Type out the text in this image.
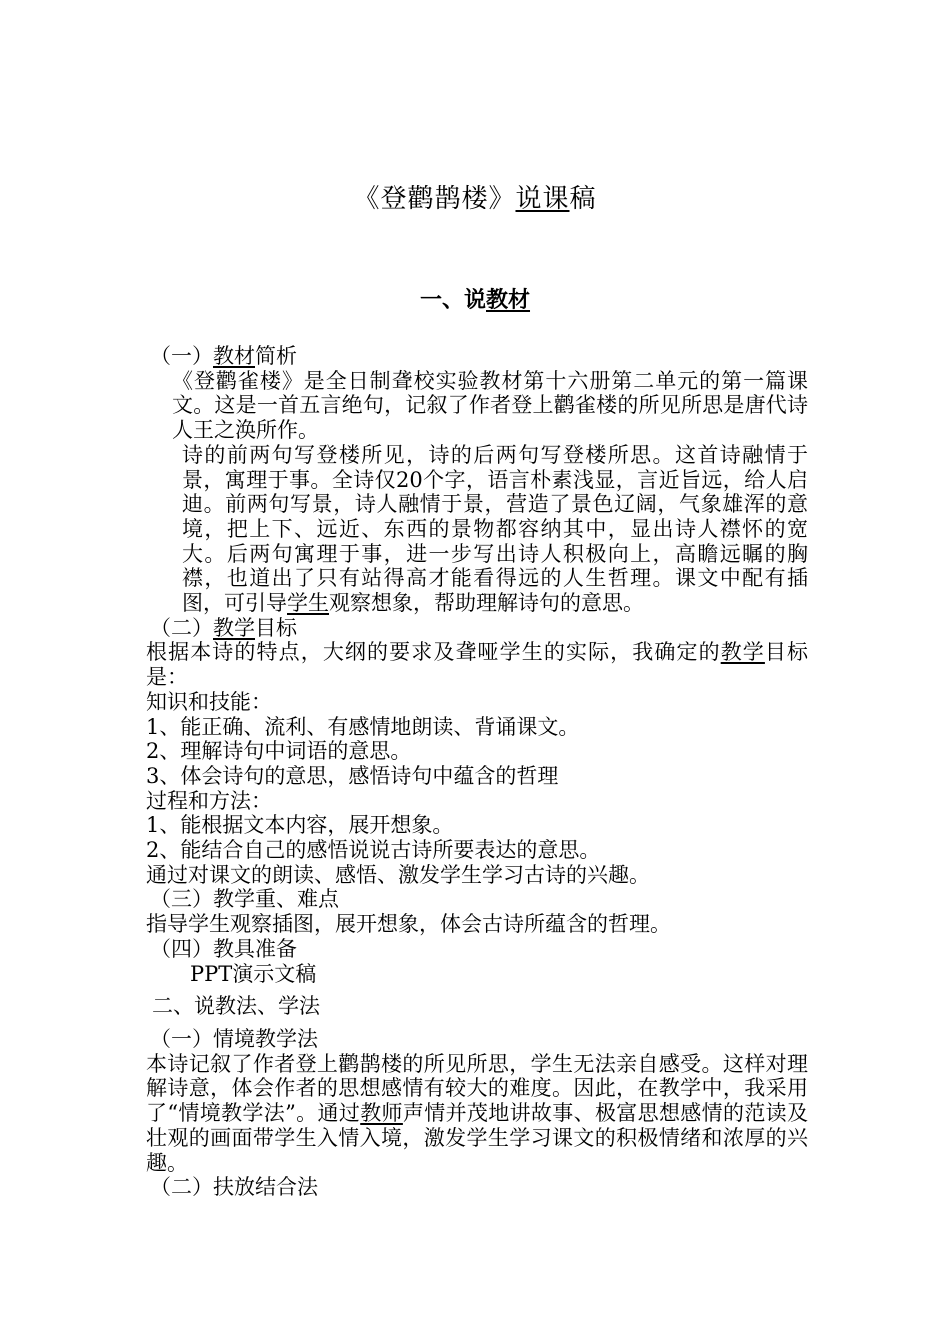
《登鹳鹊楼》说课稿
一、说教材

（一）教材简析

《登鹳雀楼》是全日制聋校实验教材第十六册第二单元的第一篇课文。这是一首五言绝句，记叙了作者登上鹳雀楼的所见所思是唐代诗人王之涣所作。

诗的前两句写登楼所见，诗的后两句写登楼所思。这首诗融情于景，寓理于事。全诗仅20个字，语言朴素浅显，言近旨远，给人启迪。前两句写景，诗人融情于景，营造了景色辽阔，气象雄浑的意境，把上下、远近、东西的景物都容纳其中，显出诗人襟怀的宽大。后两句寓理于事，进一步写出诗人积极向上，高瞻远瞩的胸襟，也道出了只有站得高才能看得远的人生哲理。课文中配有插图，可引导学生观察想象，帮助理解诗句的意思。

（二）教学目标

根据本诗的特点，大纲的要求及聋哑学生的实际，我确定的教学目标是：

知识和技能：

1、能正确、流利、有感情地朗读、背诵课文。

2、理解诗句中词语的意思。

3、体会诗句的意思，感悟诗句中蕴含的哲理

过程和方法：

1、能根据文本内容，展开想象。

2、能结合自己的感悟说说古诗所要表达的意思。

通过对课文的朗读、感悟、激发学生学习古诗的兴趣。

（三）教学重、难点

指导学生观察插图，展开想象，体会古诗所蕴含的哲理。

（四）教具准备

PPT演示文稿

二、说教法、学法

（一）情境教学法

本诗记叙了作者登上鹳鹊楼的所见所思，学生无法亲自感受。这样对理解诗意，体会作者的思想感情有较大的难度。因此，在教学中，我采用了“情境教学法”。通过教师声情并茂地讲故事、极富思想感情的范读及壮观的画面带学生入情入境，激发学生学习课文的积极情绪和浓厚的兴趣。

（二）扶放结合法
